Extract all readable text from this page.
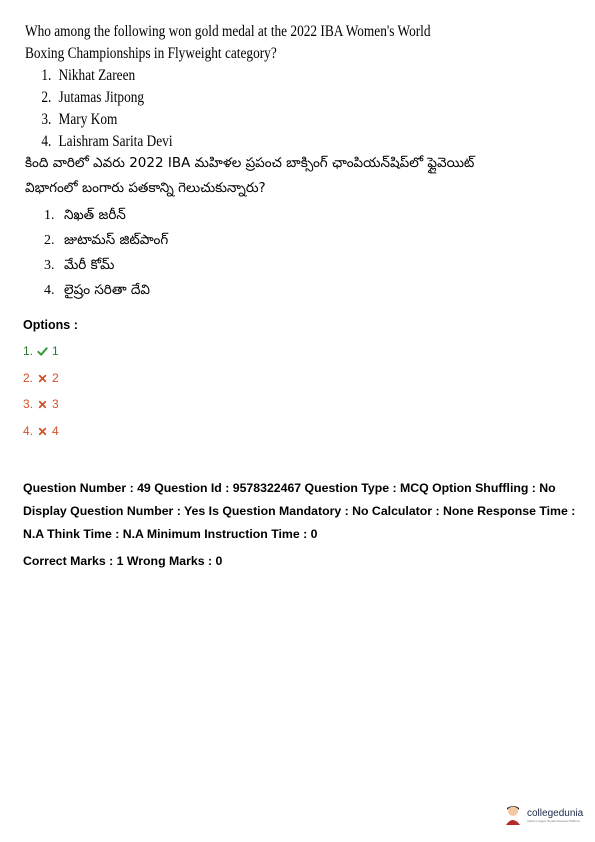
Who among the following won gold medal at the 2022 IBA Women's World Boxing Championships in Flyweight category?
1. Nikhat Zareen
2. Jutamas Jitpong
3. Mary Kom
4. Laishram Sarita Devi
కింది వారిలో ఎవరు 2022 IBA మహిళల ప్రపంచ బాక్సింగ్ ఛాంపియన్‌షిప్‌లో ఫ్లైవెయిట్ విభాగంలో బంగారు పతకాన్ని గెలుచుకున్నారు?
1. నిఖత్ జరీన్
2. జుటామస్ జిట్‌పాంగ్
3. మేరీ కోమ్
4. లైష్రం సరితా దేవి
Options :
1. 1
2. 2
3. 3
4. 4
Question Number : 49 Question Id : 9578322467 Question Type : MCQ Option Shuffling : No Display Question Number : Yes Is Question Mandatory : No Calculator : None Response Time : N.A Think Time : N.A Minimum Instruction Time : 0
Correct Marks : 1 Wrong Marks : 0
collegedunia
India's Largest Student Review Platform
